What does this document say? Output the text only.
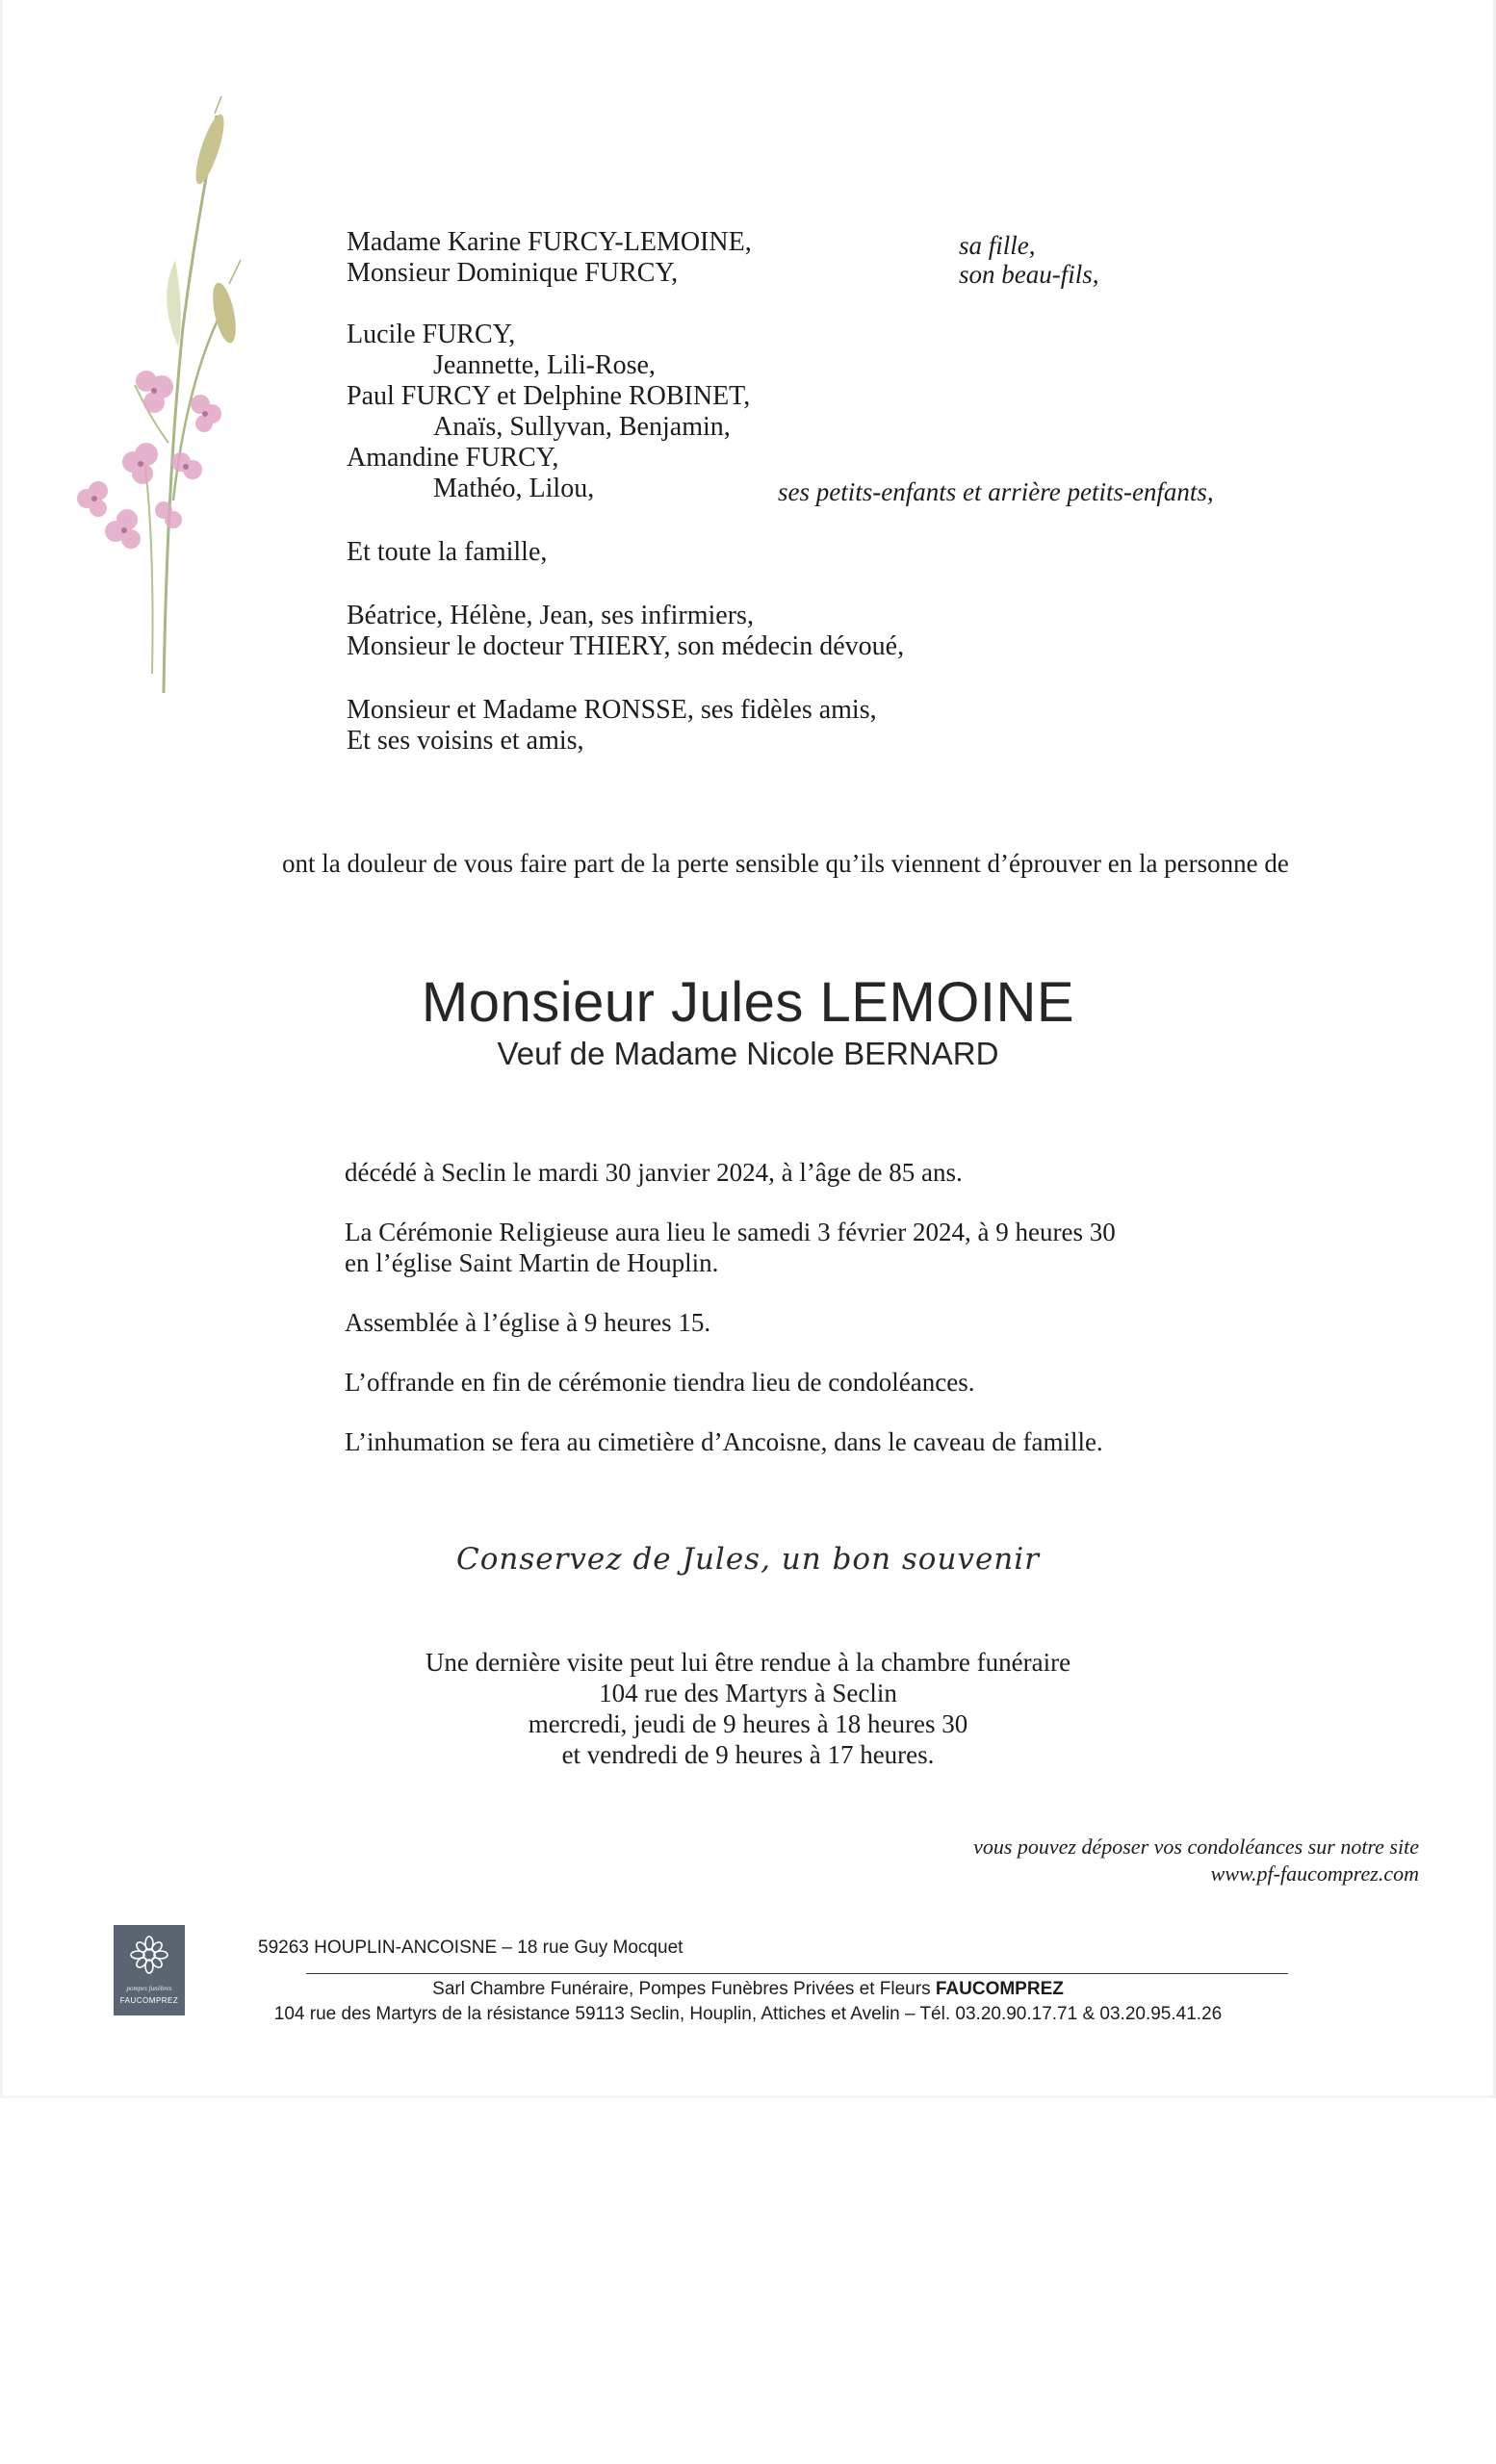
Madame Karine FURCY-LEMOINE,	sa fille,
Monsieur Dominique FURCY,	son beau-fils,
Lucile FURCY,
Jeannette, Lili-Rose,
Paul FURCY et Delphine ROBINET,
Anaïs, Sullyvan, Benjamin,
Amandine FURCY,
Mathéo, Lilou,	ses petits-enfants et arrière petits-enfants,
Et toute la famille,
Béatrice, Hélène, Jean, ses infirmiers,
Monsieur le docteur THIERY, son médecin dévoué,
Monsieur et Madame RONSSE, ses fidèles amis,
Et ses voisins et amis,
ont la douleur de vous faire part de la perte sensible qu’ils viennent d’éprouver en la personne de
Monsieur Jules LEMOINE
Veuf de Madame Nicole BERNARD
décédé à Seclin le mardi 30 janvier 2024, à l’âge de 85 ans.
La Cérémonie Religieuse aura lieu le samedi 3 février 2024, à 9 heures 30
en l’église Saint Martin de Houplin.
Assemblée à l’église à 9 heures 15.
L’offrande en fin de cérémonie tiendra lieu de condoléances.
L’inhumation se fera au cimetière d’Ancoisne, dans le caveau de famille.
Conservez de Jules, un bon souvenir
Une dernière visite peut lui être rendue à la chambre funéraire
104 rue des Martyrs à Seclin
mercredi, jeudi de 9 heures à 18 heures 30
et vendredi de 9 heures à 17 heures.
vous pouvez déposer vos condoléances sur notre site
www.pf-faucomprez.com
pompes funèbres
FAUCOMPREZ
59263 HOUPLIN-ANCOISNE – 18 rue Guy Mocquet
Sarl Chambre Funéraire, Pompes Funèbres Privées et Fleurs FAUCOMPREZ
104 rue des Martyrs de la résistance 59113 Seclin, Houplin, Attiches et Avelin – Tél. 03.20.90.17.71 & 03.20.95.41.26
